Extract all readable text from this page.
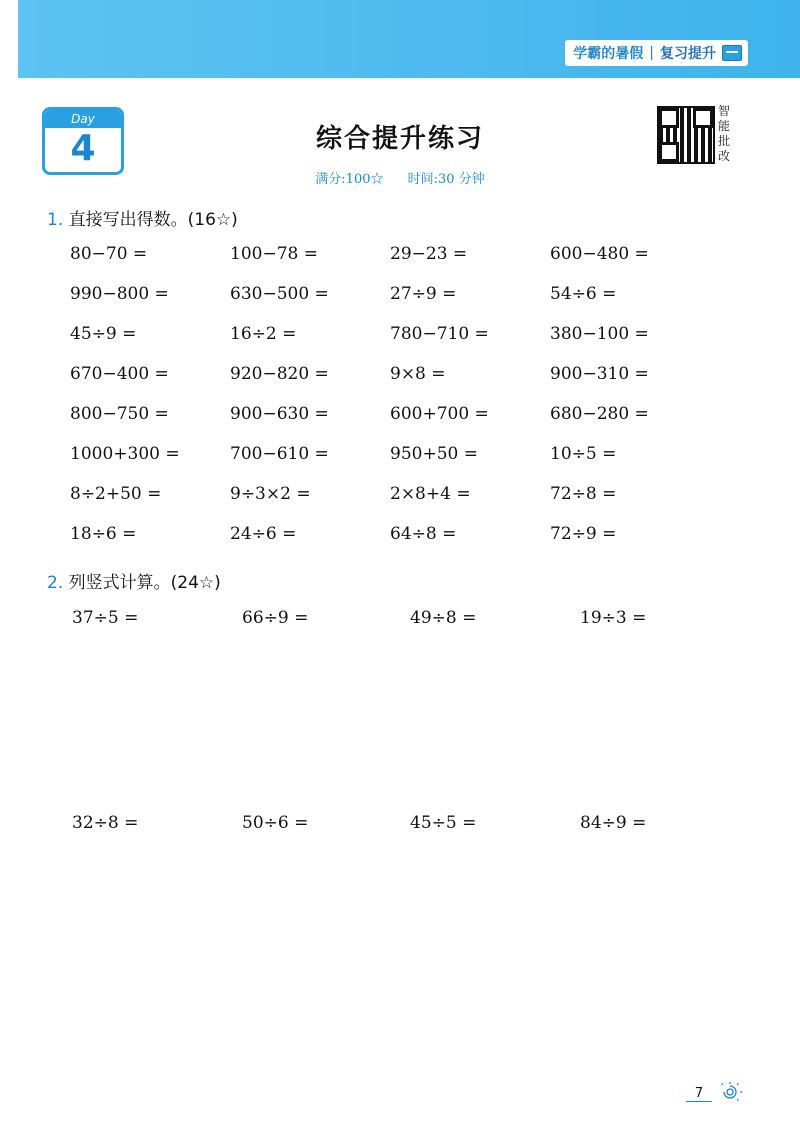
学霸的暑假 | 复习提升
Day
4	综合提升练习
满分:100☆ 时间:30 分钟
智能批改
1. 直接写出得数。(16☆)
80−70 =	100−78 =	29−23 =	600−480 =
990−800 =	630−500 =	27÷9 =	54÷6 =
45÷9 =	16÷2 =	780−710 =	380−100 =
670−400 =	920−820 =	9×8 =	900−310 =
800−750 =	900−630 =	600+700 =	680−280 =
1000+300 =	700−610 =	950+50 =	10÷5 =
8÷2+50 =	9÷3×2 =	2×8+4 =	72÷8 =
18÷6 =	24÷6 =	64÷8 =	72÷9 =
2. 列竖式计算。(24☆)
37÷5 =	66÷9 =	49÷8 =	19÷3 =
32÷8 =	50÷6 =	45÷5 =	84÷9 =
7
